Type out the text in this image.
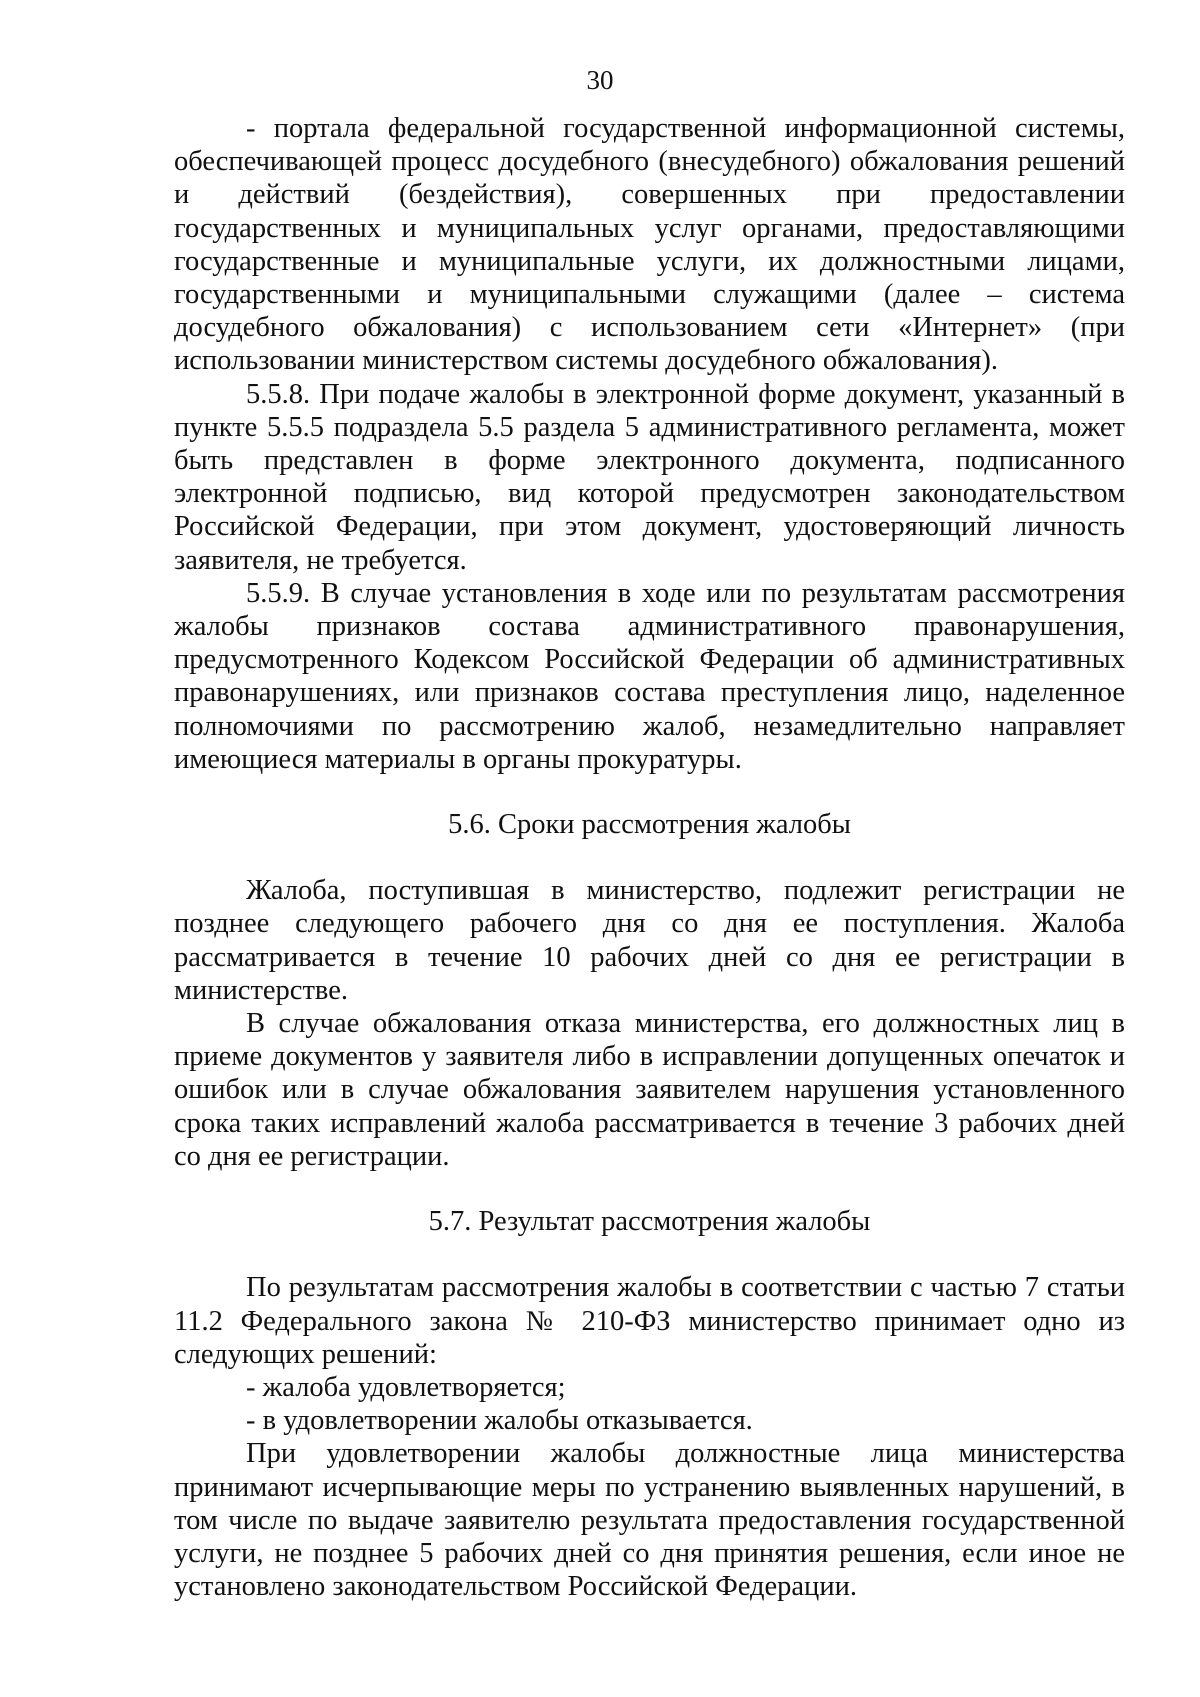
30

- портала федеральной государственной информационной системы, обеспечивающей процесс досудебного (внесудебного) обжалования решений и действий (бездействия), совершенных при предоставлении государственных и муниципальных услуг органами, предоставляющими государственные и муниципальные услуги, их должностными лицами, государственными и муниципальными служащими (далее – система досудебного обжалования) с использованием сети «Интернет» (при использовании министерством системы досудебного обжалования).

5.5.8. При подаче жалобы в электронной форме документ, указанный в пункте 5.5.5 подраздела 5.5 раздела 5 административного регламента, может быть представлен в форме электронного документа, подписанного электронной подписью, вид которой предусмотрен законодательством Российской Федерации, при этом документ, удостоверяющий личность заявителя, не требуется.

5.5.9. В случае установления в ходе или по результатам рассмотрения жалобы признаков состава административного правонарушения, предусмотренного Кодексом Российской Федерации об административных правонарушениях, или признаков состава преступления лицо, наделенное полномочиями по рассмотрению жалоб, незамедлительно направляет имеющиеся материалы в органы прокуратуры.

5.6. Сроки рассмотрения жалобы

Жалоба, поступившая в министерство, подлежит регистрации не позднее следующего рабочего дня со дня ее поступления. Жалоба рассматривается в течение 10 рабочих дней со дня ее регистрации в министерстве.

В случае обжалования отказа министерства, его должностных лиц в приеме документов у заявителя либо в исправлении допущенных опечаток и ошибок или в случае обжалования заявителем нарушения установленного срока таких исправлений жалоба рассматривается в течение 3 рабочих дней со дня ее регистрации.

5.7. Результат рассмотрения жалобы

По результатам рассмотрения жалобы в соответствии с частью 7 статьи 11.2 Федерального закона № 210-ФЗ министерство принимает одно из следующих решений:

- жалоба удовлетворяется;

- в удовлетворении жалобы отказывается.

При удовлетворении жалобы должностные лица министерства принимают исчерпывающие меры по устранению выявленных нарушений, в том числе по выдаче заявителю результата предоставления государственной услуги, не позднее 5 рабочих дней со дня принятия решения, если иное не установлено законодательством Российской Федерации.
